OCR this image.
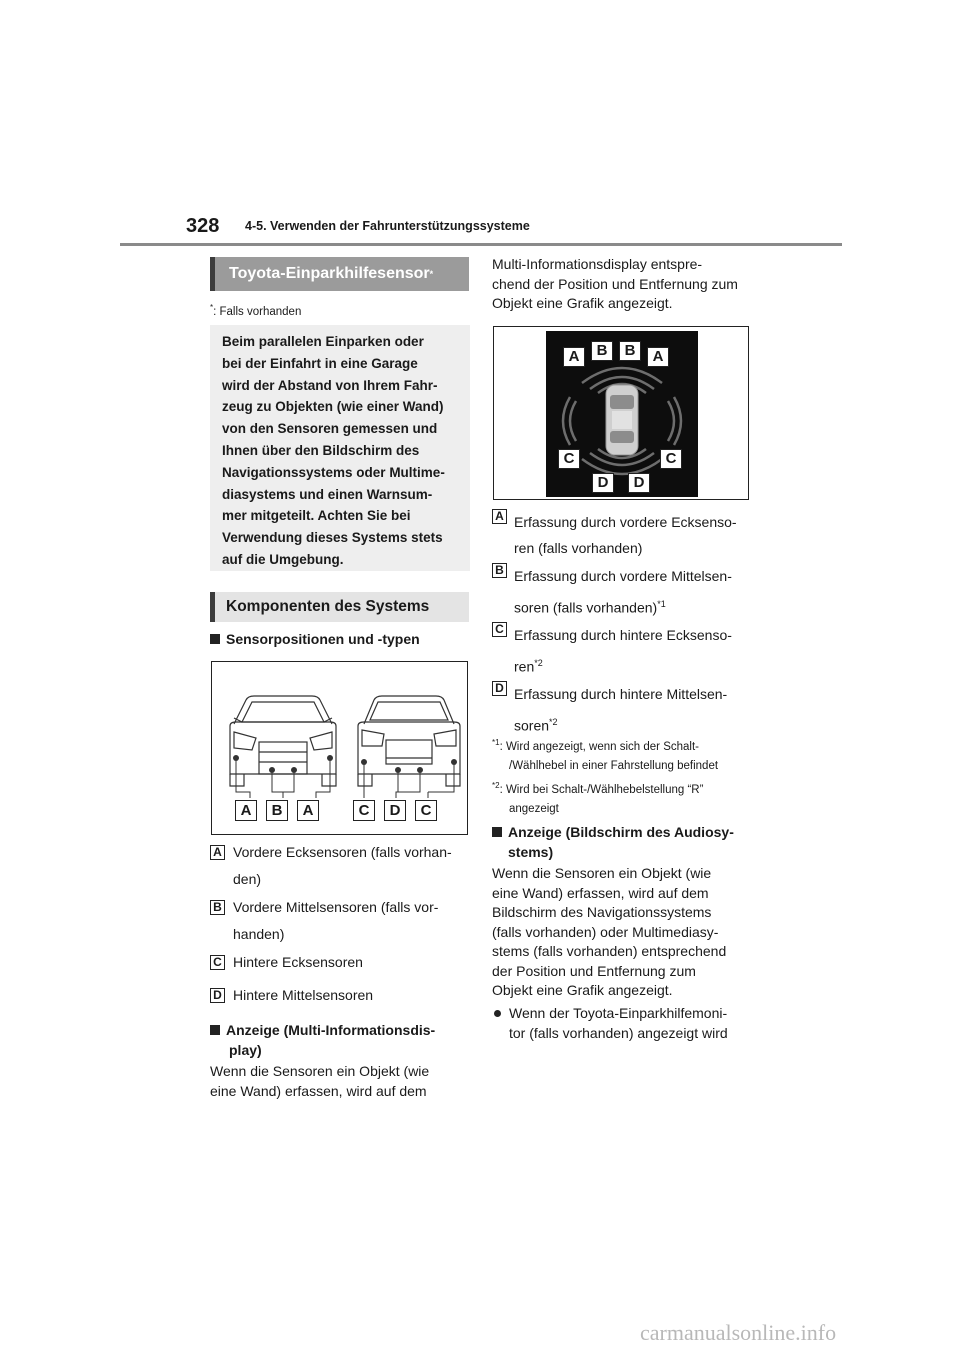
328 4-5. Verwenden der Fahrunterstützungssysteme
Toyota-Einparkhilfesensor *
*: Falls vorhanden
Beim parallelen Einparken oder
bei der Einfahrt in eine Garage
wird der Abstand von Ihrem Fahr-
zeug zu Objekten (wie einer Wand)
von den Sensoren gemessen und
Ihnen über den Bildschirm des
Navigationssystems oder Multime-
diasystems und einen Warnsum-
mer mitgeteilt. Achten Sie bei
Verwendung dieses Systems stets
auf die Umgebung.
Komponenten des Systems
Sensorpositionen und -typen
A	B	A	C	D	C
A Vordere Ecksensoren (falls vorhan-
den)
B Vordere Mittelsensoren (falls vor-
handen)
C Hintere Ecksensoren
D Hintere Mittelsensoren
Anzeige (Multi-Informationsdis-
play)
Wenn die Sensoren ein Objekt (wie
eine Wand) erfassen, wird auf dem
Multi-Informationsdisplay entspre-
chend der Position und Entfernung zum
Objekt eine Grafik angezeigt.
A	B	B	A
C	C
D	D
A Erfassung durch vordere Ecksenso-
ren (falls vorhanden)
B Erfassung durch vordere Mittelsen-
soren (falls vorhanden)$^{*1}$
C Erfassung durch hintere Ecksenso-
ren$^{*2}$
D Erfassung durch hintere Mittelsen-
soren$^{*2}$
$^{*1}$: Wird angezeigt, wenn sich der Schalt-
/Wählhebel in einer Fahrstellung befindet
$^{*2}$: Wird bei Schalt-/Wählhebelstellung “R”
angezeigt
Anzeige (Bildschirm des Audiosy-
stems)
Wenn die Sensoren ein Objekt (wie
eine Wand) erfassen, wird auf dem
Bildschirm des Navigationssystems
(falls vorhanden) oder Multimediasy-
stems (falls vorhanden) entsprechend
der Position und Entfernung zum
Objekt eine Grafik angezeigt.
Wenn der Toyota-Einparkhilfemoni-
tor (falls vorhanden) angezeigt wird
carmanualsonline.info
